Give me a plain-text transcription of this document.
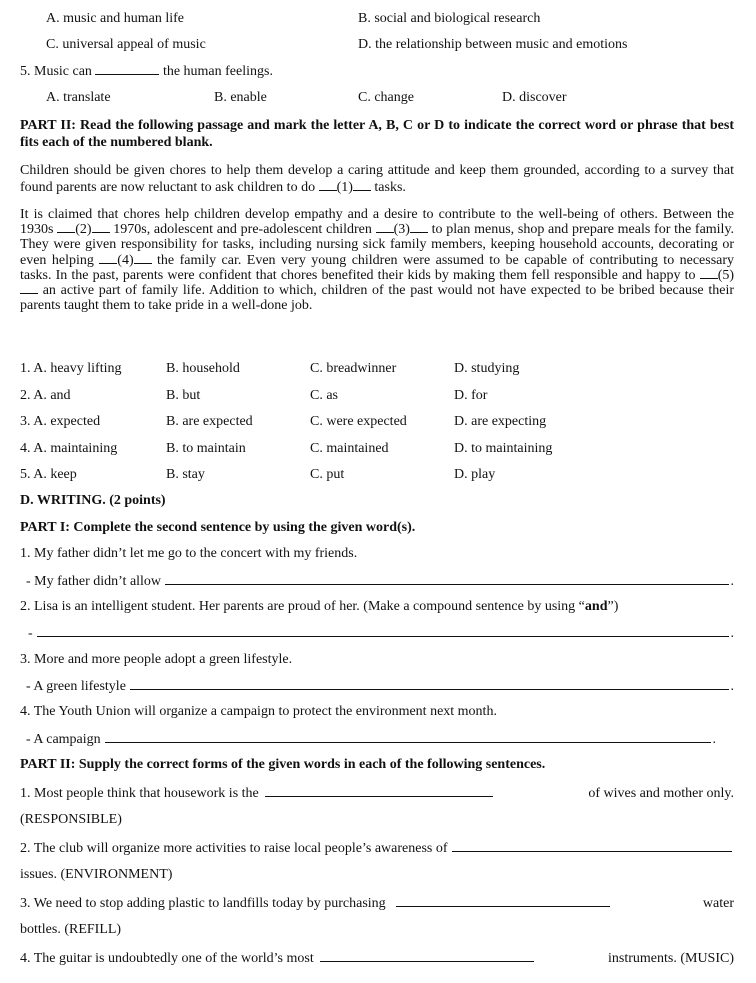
A. music and human life	B. social and biological research
C. universal appeal of music	D. the relationship between music and emotions
5. Music can	the human feelings.
A. translate	B. enable	C. change	D. discover
PART II: Read the following passage and mark the letter A, B, C or D to indicate the correct word or phrase that best fits each of the numbered blank.
Children should be given chores to help them develop a caring attitude and keep them grounded, according to a survey that found parents are now reluctant to ask children to do (1) tasks.
It is claimed that chores help children develop empathy and a desire to contribute to the well-being of others. Between the 1930s (2) 1970s, adolescent and pre-adolescent children (3) to plan menus, shop and prepare meals for the family. They were given responsibility for tasks, including nursing sick family members, keeping household accounts, decorating or even helping (4) the family car. Even very young children were assumed to be capable of contributing to necessary tasks. In the past, parents were confident that chores benefited their kids by making them fell responsible and happy to (5) an active part of family life. Addition to which, children of the past would not have expected to be bribed because their parents taught them to take pride in a well-done job.
1. A. heavy lifting	B. household	C. breadwinner	D. studying
2. A. and	B. but	C. as	D. for
3. A. expected	B. are expected	C. were expected	D. are expecting
4. A. maintaining	B. to maintain	C. maintained	D. to maintaining
5. A. keep	B. stay	C. put	D. play
D. WRITING. (2 points)
PART I: Complete the second sentence by using the given word(s).
1. My father didn’t let me go to the concert with my friends.
- My father didn’t allow	.
2. Lisa is an intelligent student. Her parents are proud of her. (Make a compound sentence by using “and”)
-	.
3. More and more people adopt a green lifestyle.
- A green lifestyle	.
4. The Youth Union will organize a campaign to protect the environment next month.
- A campaign	.
PART II: Supply the correct forms of the given words in each of the following sentences.
1. Most people think that housework is the	of wives and mother only.
(RESPONSIBLE)
2. The club will organize more activities to raise local people’s awareness of
issues. (ENVIRONMENT)
3. We need to stop adding plastic to landfills today by purchasing	water
bottles. (REFILL)
4. The guitar is undoubtedly one of the world’s most	instruments. (MUSIC)
